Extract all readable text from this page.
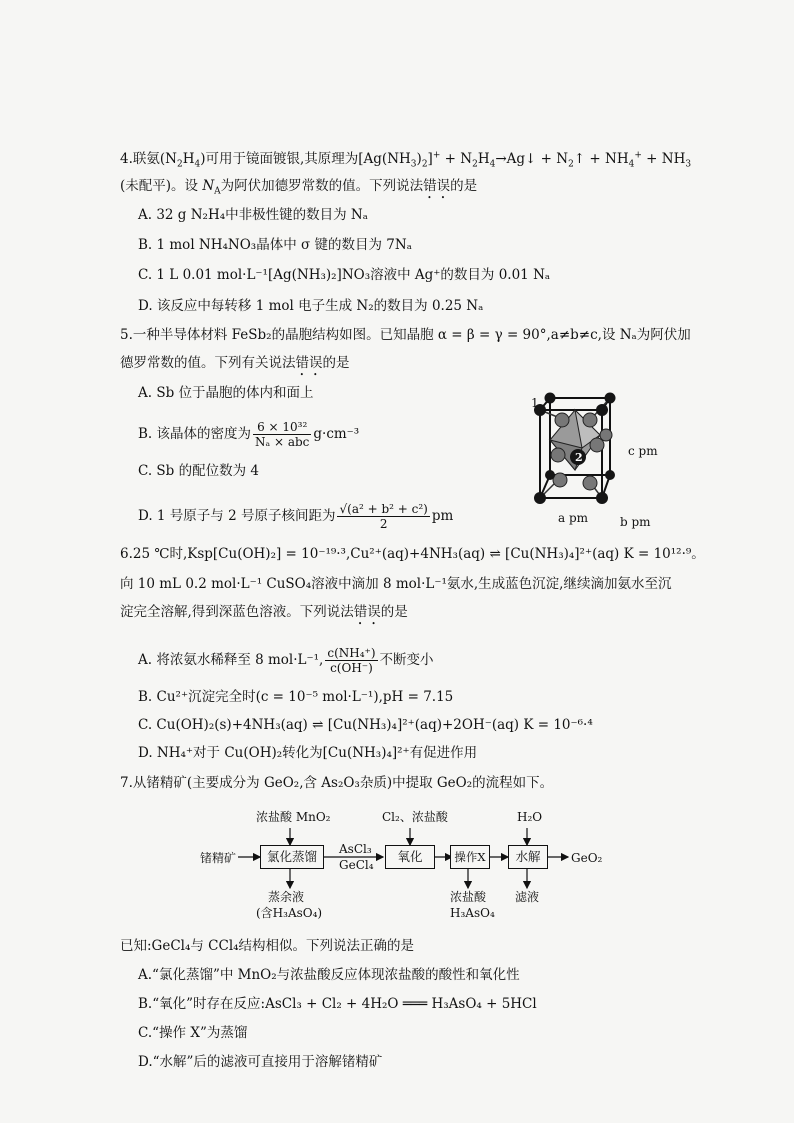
4.联氨$(N_2H_4)$可用于镜面镀银,其原理为$[Ag(NH_3)_2]^+$ + $N_2H_4\to Ag↓$ + $N_2↑ + NH_4^+ + NH_3$
(未配平)。设 $N_A$为阿伏加德罗常数的值。下列说法错误的是
A. 32 g N₂H₄中非极性键的数目为 Nₐ
B. 1 mol NH₄NO₃晶体中 σ 键的数目为 7Nₐ
C. 1 L 0.01 mol·L⁻¹[Ag(NH₃)₂]NO₃溶液中 Ag⁺的数目为 0.01 Nₐ
D. 该反应中每转移 1 mol 电子生成 N₂的数目为 0.25 Nₐ
5.一种半导体材料 FeSb₂的晶胞结构如图。已知晶胞 α = β = γ = 90°,a≠b≠c,设 Nₐ为阿伏加
德罗常数的值。下列有关说法错误的是
A. Sb 位于晶胞的体内和面上
B. 该晶体的密度为 $\frac{\text{6 × 10³²}}{\text{Nₐ × abc}} g\cdot cm^{-3}$
C. Sb 的配位数为 4
D. 1 号原子与 2 号原子核间距为 $\frac{\text{√(a² + b² + c²)}}{2}$ pm
1
2	c pm
a pm	b pm
6.25 ℃时,Ksp[Cu(OH)₂] = 10⁻¹⁹·³,Cu²⁺(aq)+4NH₃(aq) ⇌ [Cu(NH₃)₄]²⁺(aq) K = 10¹²·⁹。
向 10 mL 0.2 mol·L⁻¹ CuSO₄溶液中滴加 8 mol·L⁻¹氨水,生成蓝色沉淀,继续滴加氨水至沉
淀完全溶解,得到深蓝色溶液。下列说法错误的是
A. 将浓氨水稀释至 8 mol·L⁻¹, $\frac{\text{c(NH₄⁺)}}{c(OH^-)}$ 不断变小
B. Cu²⁺沉淀完全时(c = 10⁻⁵ mol·L⁻¹),pH = 7.15
C. Cu(OH)₂(s)+4NH₃(aq) ⇌ [Cu(NH₃)₄]²⁺(aq)+2OH⁻(aq) K = 10⁻⁶·⁴
D. NH₄⁺对于 Cu(OH)₂转化为[Cu(NH₃)₄]²⁺有促进作用
7.从锗精矿(主要成分为 GeO₂,含 As₂O₃杂质)中提取 GeO₂的流程如下。
锗精矿
浓盐酸 MnO₂
氯化蒸馏	AsCl₃
GeCl₄
蒸余液
(含H₃AsO₄)
Cl₂、浓盐酸
氧化	操作X
浓盐酸
H₃AsO₄
H₂O
水解
滤液
GeO₂
已知:GeCl₄与 CCl₄结构相似。下列说法正确的是
A.“氯化蒸馏”中 MnO₂与浓盐酸反应体现浓盐酸的酸性和氧化性
B.“氧化”时存在反应:AsCl₃ + Cl₂ + 4H₂O ═══ H₃AsO₄ + 5HCl
C.“操作 X”为蒸馏
D.“水解”后的滤液可直接用于溶解锗精矿
